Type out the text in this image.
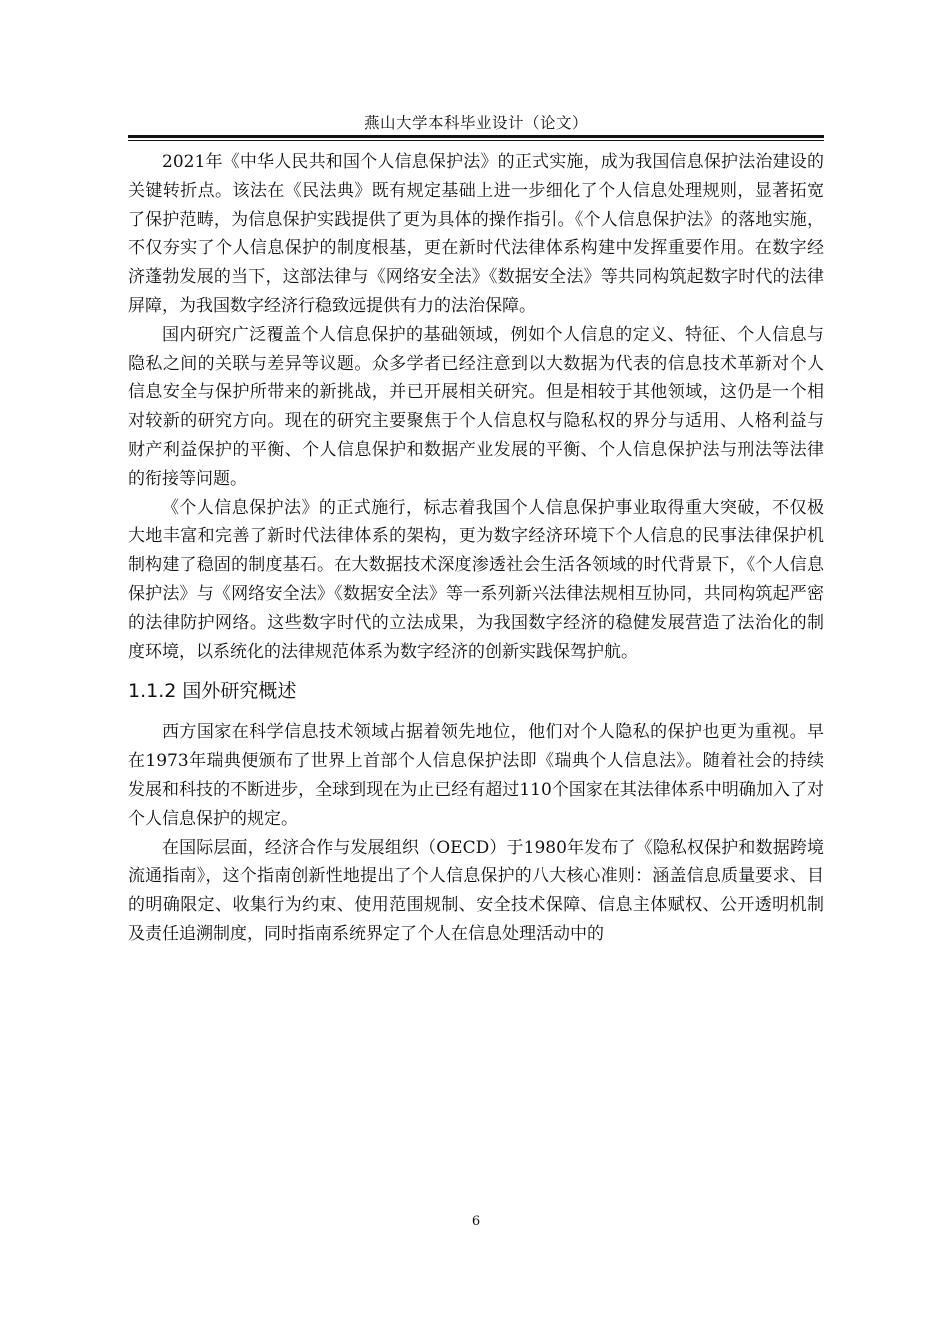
燕山大学本科毕业设计（论文）

2021年《中华人民共和国个人信息保护法》的正式实施，成为我国信息保护法治建设的关键转折点。该法在《民法典》既有规定基础上进一步细化了个人信息处理规则，显著拓宽了保护范畴，为信息保护实践提供了更为具体的操作指引。《个人信息保护法》的落地实施，不仅夯实了个人信息保护的制度根基，更在新时代法律体系构建中发挥重要作用。在数字经济蓬勃发展的当下，这部法律与《网络安全法》《数据安全法》等共同构筑起数字时代的法律屏障，为我国数字经济行稳致远提供有力的法治保障。

国内研究广泛覆盖个人信息保护的基础领域，例如个人信息的定义、特征、个人信息与隐私之间的关联与差异等议题。众多学者已经注意到以大数据为代表的信息技术革新对个人信息安全与保护所带来的新挑战，并已开展相关研究。但是相较于其他领域，这仍是一个相对较新的研究方向。现在的研究主要聚焦于个人信息权与隐私权的界分与适用、人格利益与财产利益保护的平衡、个人信息保护和数据产业发展的平衡、个人信息保护法与刑法等法律的衔接等问题。

《个人信息保护法》的正式施行，标志着我国个人信息保护事业取得重大突破，不仅极大地丰富和完善了新时代法律体系的架构，更为数字经济环境下个人信息的民事法律保护机制构建了稳固的制度基石。在大数据技术深度渗透社会生活各领域的时代背景下，《个人信息保护法》与《网络安全法》《数据安全法》等一系列新兴法律法规相互协同，共同构筑起严密的法律防护网络。这些数字时代的立法成果，为我国数字经济的稳健发展营造了法治化的制度环境，以系统化的法律规范体系为数字经济的创新实践保驾护航。

1.1.2 国外研究概述

西方国家在科学信息技术领域占据着领先地位，他们对个人隐私的保护也更为重视。早在1973年瑞典便颁布了世界上首部个人信息保护法即《瑞典个人信息法》。随着社会的持续发展和科技的不断进步，全球到现在为止已经有超过110个国家在其法律体系中明确加入了对个人信息保护的规定。

在国际层面，经济合作与发展组织（OECD）于1980年发布了《隐私权保护和数据跨境流通指南》，这个指南创新性地提出了个人信息保护的八大核心准则：涵盖信息质量要求、目的明确限定、收集行为约束、使用范围规制、安全技术保障、信息主体赋权、公开透明机制及责任追溯制度，同时指南系统界定了个人在信息处理活动中的

6
